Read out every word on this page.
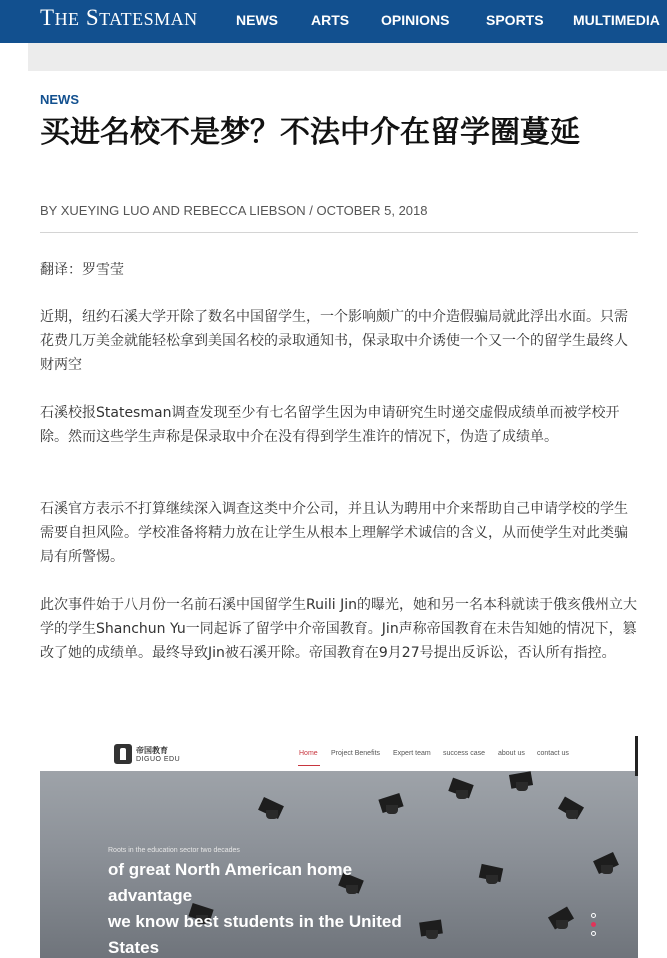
THE STATESMAN	NEWS ARTS OPINIONS	SPORTS MULTIMEDIA
NEWS
买进名校不是梦？不法中介在留学圈蔓延
BY XUEYING LUO AND REBECCA LIEBSON / OCTOBER 5, 2018
翻译：罗雪莹
近期，纽约石溪大学开除了数名中国留学生，一个影响颇广的中介造假骗局就此浮出水面。只需花费几万美金就能轻松拿到美国名校的录取通知书，保录取中介诱使一个又一个的留学生最终人财两空
石溪校报Statesman调查发现至少有七名留学生因为申请研究生时递交虚假成绩单而被学校开除。然而这些学生声称是保录取中介在没有得到学生准许的情况下，伪造了成绩单。
石溪官方表示不打算继续深入调查这类中介公司，并且认为聘用中介来帮助自己申请学校的学生需要自担风险。学校准备将精力放在让学生从根本上理解学术诚信的含义，从而使学生对此类骗局有所警惕。
此次事件始于八月份一名前石溪中国留学生Ruili Jin的曝光，她和另一名本科就读于俄亥俄州立大学的学生Shanchun Yu一同起诉了留学中介帝国教育。Jin声称帝国教育在未告知她的情况下，篡改了她的成绩单。最终导致Jin被石溪开除。帝国教育在9月27号提出反诉讼，否认所有指控。
帝国教育
DIGUO EDU
Home Project Benefits Expert team success case about us contact us
Roots in the education sector two decades
of great North American home
advantage
we know best students in the United
States
